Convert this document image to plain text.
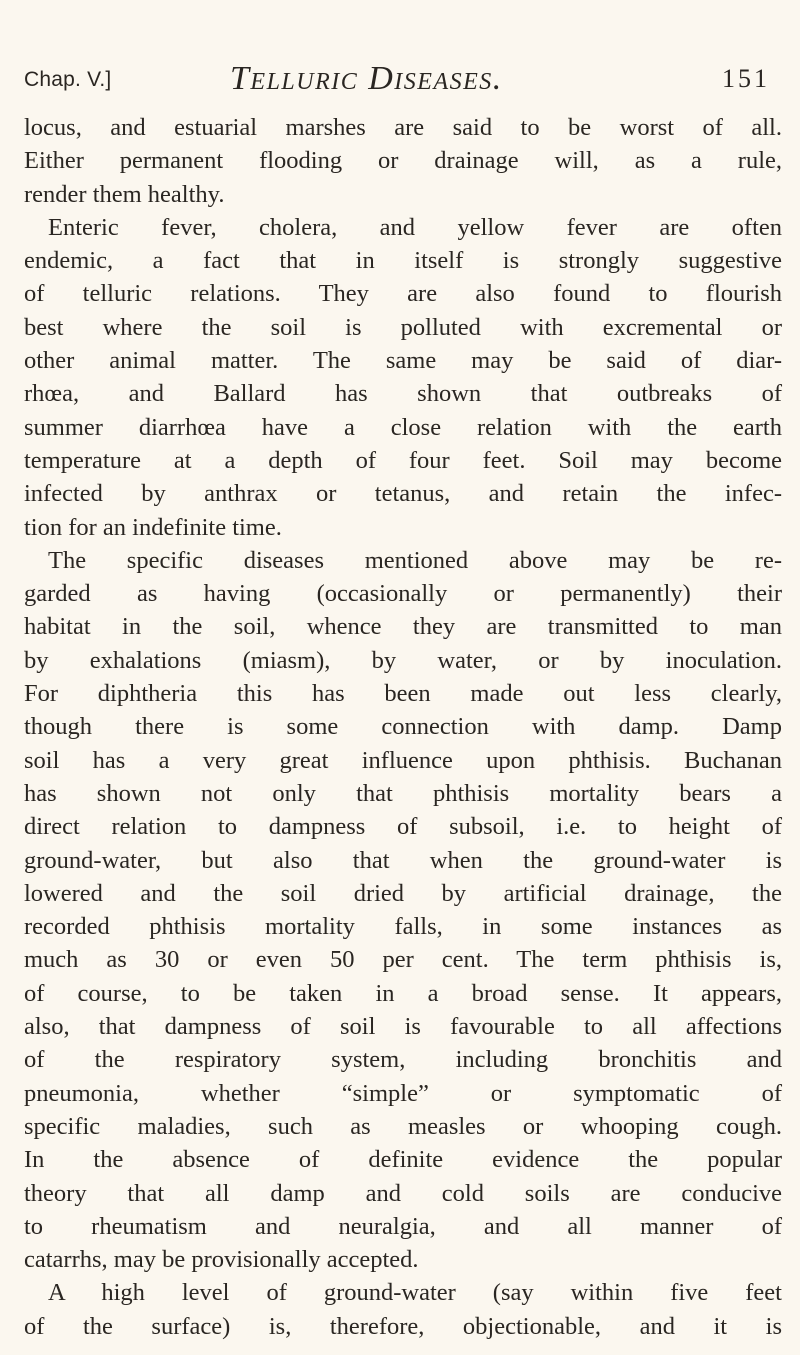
Chap. V.]	Telluric Diseases.	151
locus, and estuarial marshes are said to be worst of all.
Either permanent flooding or drainage will, as a rule,
render them healthy.
Enteric fever, cholera, and yellow fever are often
endemic, a fact that in itself is strongly suggestive
of telluric relations. They are also found to flourish
best where the soil is polluted with excremental or
other animal matter. The same may be said of diar-
rhœa, and Ballard has shown that outbreaks of
summer diarrhœa have a close relation with the earth
temperature at a depth of four feet. Soil may become
infected by anthrax or tetanus, and retain the infec-
tion for an indefinite time.
The specific diseases mentioned above may be re-
garded as having (occasionally or permanently) their
habitat in the soil, whence they are transmitted to man
by exhalations (miasm), by water, or by inoculation.
For diphtheria this has been made out less clearly,
though there is some connection with damp. Damp
soil has a very great influence upon phthisis. Buchanan
has shown not only that phthisis mortality bears a
direct relation to dampness of subsoil, i.e. to height of
ground-water, but also that when the ground-water is
lowered and the soil dried by artificial drainage, the
recorded phthisis mortality falls, in some instances as
much as 30 or even 50 per cent. The term phthisis is,
of course, to be taken in a broad sense. It appears,
also, that dampness of soil is favourable to all affections
of the respiratory system, including bronchitis and
pneumonia, whether “simple” or symptomatic of
specific maladies, such as measles or whooping cough.
In the absence of definite evidence the popular
theory that all damp and cold soils are conducive
to rheumatism and neuralgia, and all manner of
catarrhs, may be provisionally accepted.
A high level of ground-water (say within five feet
of the surface) is, therefore, objectionable, and it is
